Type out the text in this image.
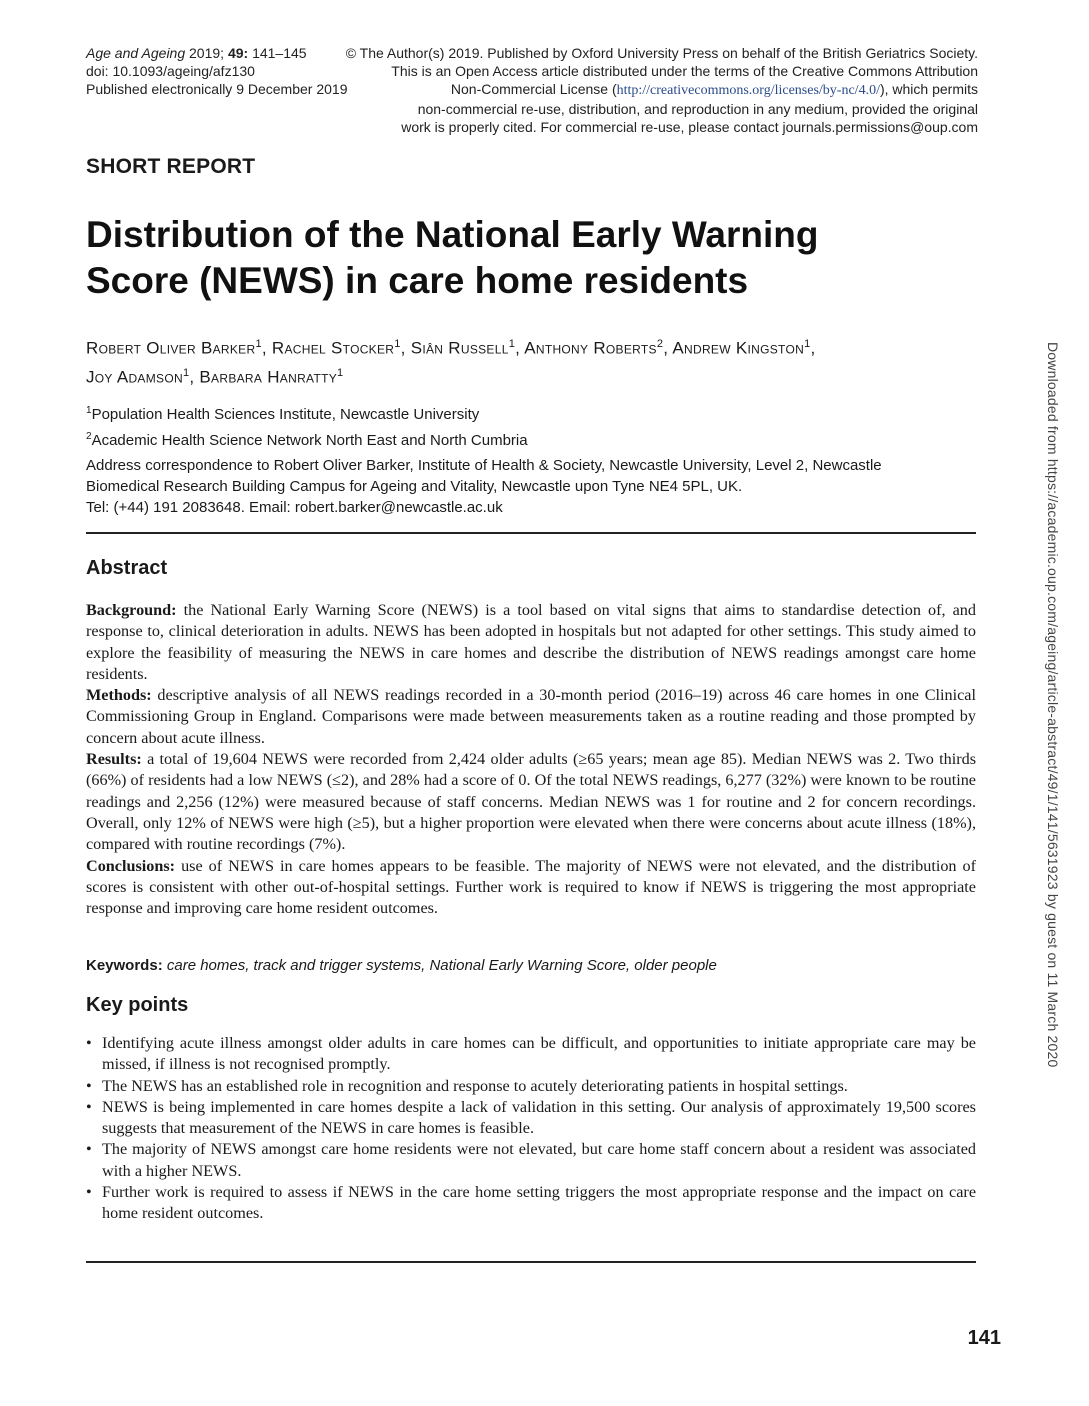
Age and Ageing 2019; 49: 141–145
doi: 10.1093/ageing/afz130
Published electronically 9 December 2019
© The Author(s) 2019. Published by Oxford University Press on behalf of the British Geriatrics Society.
This is an Open Access article distributed under the terms of the Creative Commons Attribution
Non-Commercial License (http://creativecommons.org/licenses/by-nc/4.0/), which permits
non-commercial re-use, distribution, and reproduction in any medium, provided the original
work is properly cited. For commercial re-use, please contact journals.permissions@oup.com
SHORT REPORT
Distribution of the National Early Warning
Score (NEWS) in care home residents
Robert Oliver Barker$^1$, Rachel Stocker$^1$, Siân Russell$^1$, Anthony Roberts$^2$, Andrew Kingston$^1$,
Joy Adamson$^1$, Barbara Hanratty$^1$
$^1$Population Health Sciences Institute, Newcastle University
$^2$Academic Health Science Network North East and North Cumbria
Address correspondence to Robert Oliver Barker, Institute of Health & Society, Newcastle University, Level 2, Newcastle
Biomedical Research Building Campus for Ageing and Vitality, Newcastle upon Tyne NE4 5PL, UK.
Tel: (+44) 191 2083648. Email: robert.barker@newcastle.ac.uk
Abstract

Background: the National Early Warning Score (NEWS) is a tool based on vital signs that aims to standardise detection of, and response to, clinical deterioration in adults. NEWS has been adopted in hospitals but not adapted for other settings. This study aimed to explore the feasibility of measuring the NEWS in care homes and describe the distribution of NEWS readings amongst care home residents.

Methods: descriptive analysis of all NEWS readings recorded in a 30-month period (2016–19) across 46 care homes in one Clinical Commissioning Group in England. Comparisons were made between measurements taken as a routine reading and those prompted by concern about acute illness.

Results: a total of 19,604 NEWS were recorded from 2,424 older adults (≥65 years; mean age 85). Median NEWS was 2. Two thirds (66%) of residents had a low NEWS (≤2), and 28% had a score of 0. Of the total NEWS readings, 6,277 (32%) were known to be routine readings and 2,256 (12%) were measured because of staff concerns. Median NEWS was 1 for routine and 2 for concern recordings. Overall, only 12% of NEWS were high (≥5), but a higher proportion were elevated when there were concerns about acute illness (18%), compared with routine recordings (7%).

Conclusions: use of NEWS in care homes appears to be feasible. The majority of NEWS were not elevated, and the distribution of scores is consistent with other out-of-hospital settings. Further work is required to know if NEWS is triggering the most appropriate response and improving care home resident outcomes.

Keywords: care homes, track and trigger systems, National Early Warning Score, older people
Key points
• Identifying acute illness amongst older adults in care homes can be difficult, and opportunities to initiate appropriate care may be missed, if illness is not recognised promptly.
• The NEWS has an established role in recognition and response to acutely deteriorating patients in hospital settings.
• NEWS is being implemented in care homes despite a lack of validation in this setting. Our analysis of approximately 19,500 scores suggests that measurement of the NEWS in care homes is feasible.
• The majority of NEWS amongst care home residents were not elevated, but care home staff concern about a resident was associated with a higher NEWS.
• Further work is required to assess if NEWS in the care home setting triggers the most appropriate response and the impact on care home resident outcomes.
141
Downloaded from https://academic.oup.com/ageing/article-abstract/49/1/141/5631923 by guest on 11 March 2020
